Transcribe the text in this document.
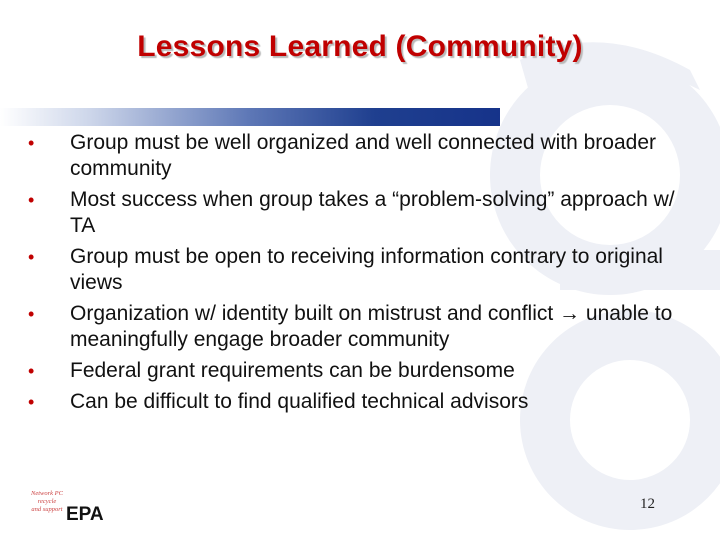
Lessons Learned (Community)
• Group must be well organized and well connected with broader community
• Most success when group takes a “problem-solving” approach w/ TA
• Group must be open to receiving information contrary to original views
• Organization w/ identity built on mistrust and conflict → unable to meaningfully engage broader community
• Federal grant requirements can be burdensome
• Can be difficult to find qualified technical advisors
Network PC
recycle
and support EPA	12
